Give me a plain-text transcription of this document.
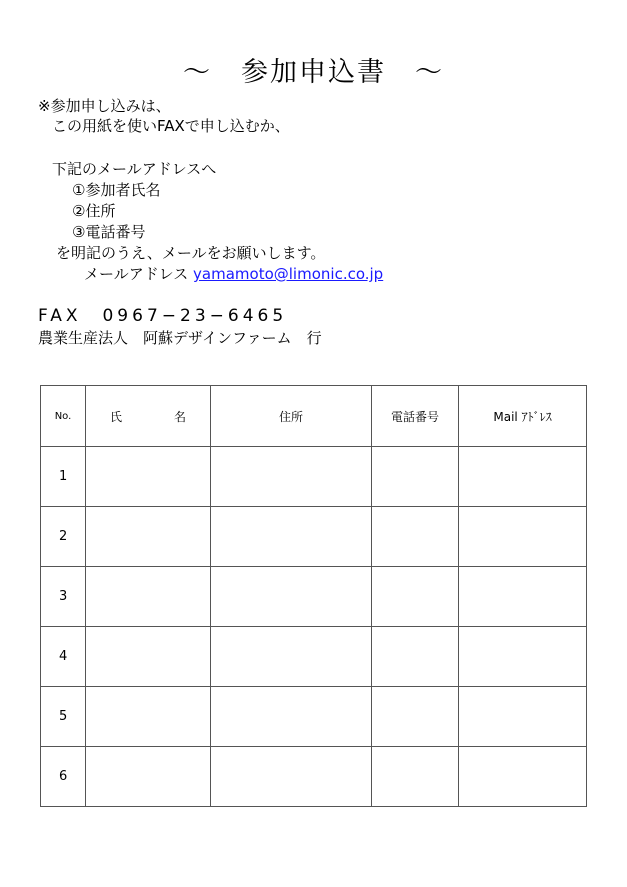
～　参加申込書　～
※参加申し込みは、
この用紙を使いFAXで申し込むか、
下記のメールアドレスへ
①参加者氏名
②住所
③電話番号
を明記のうえ、メールをお願いします。
メールアドレス yamamoto@limonic.co.jp
FAX　0967−23−6465
農業生産法人　阿蘇デザインファーム　行
No.	氏 名	住所	電話番号	Mail ｱﾄﾞﾚｽ
1				
2				
3				
4				
5				
6				
